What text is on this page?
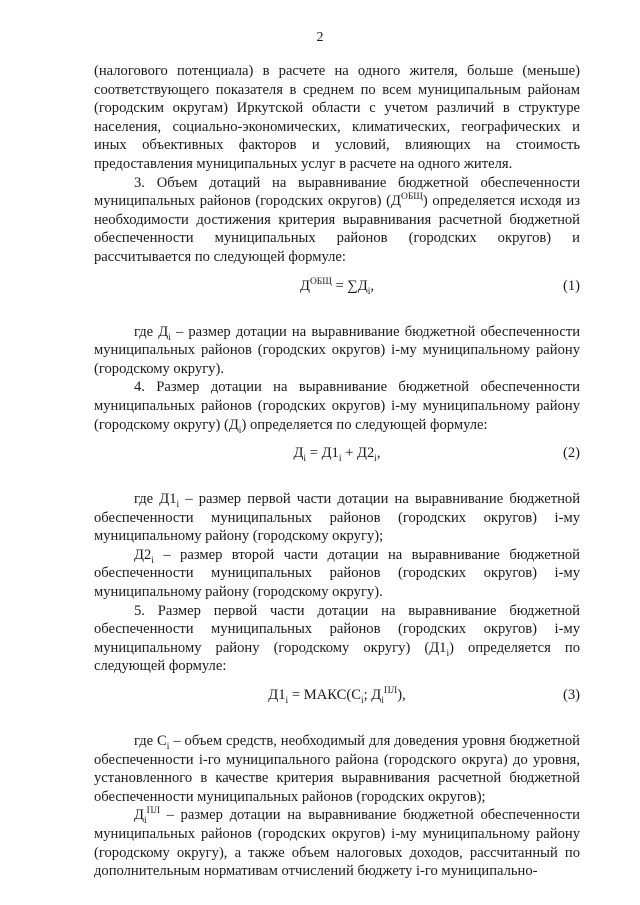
2

(налогового потенциала) в расчете на одного жителя, больше (меньше) соответствующего показателя в среднем по всем муниципальным районам (городским округам) Иркутской области с учетом различий в структуре населения, социально-экономических, климатических, географических и иных объективных факторов и условий, влияющих на стоимость предоставления муниципальных услуг в расчете на одного жителя.

3. Объем дотаций на выравнивание бюджетной обеспеченности муниципальных районов (городских округов) $(Д^{ОБЩ})$ определяется исходя из необходимости достижения критерия выравнивания расчетной бюджетной обеспеченности муниципальных районов (городских округов) и рассчитывается по следующей формуле:

$Д^{ОБЩ} = \sum Д_i$,	(1)

где $Д_i$ – размер дотации на выравнивание бюджетной обеспеченности муниципальных районов (городских округов) i-му муниципальному району (городскому округу).

4. Размер дотации на выравнивание бюджетной обеспеченности муниципальных районов (городских округов) i-му муниципальному району (городскому округу) $(Д_i)$ определяется по следующей формуле:

$Д_i = Д1_i + Д2_i$,	(2)

где $Д1_i$ – размер первой части дотации на выравнивание бюджетной обеспеченности муниципальных районов (городских округов) i-му муниципальному району (городскому округу);

$Д2_i$ – размер второй части дотации на выравнивание бюджетной обеспеченности муниципальных районов (городских округов) i-му муниципальному району (городскому округу).

5. Размер первой части дотации на выравнивание бюджетной обеспеченности муниципальных районов (городских округов) i-му муниципальному району (городскому округу) $(Д1_i)$ определяется по следующей формуле:

$Д1_i$ = $МАКС(С_i$; $Д_i^{ПЛ}$),	(3)

где $С_i$ – объем средств, необходимый для доведения уровня бюджетной обеспеченности i-го муниципального района (городского округа) до уровня, установленного в качестве критерия выравнивания расчетной бюджетной обеспеченности муниципальных районов (городских округов);

$Д_i^{ПЛ}$ – размер дотации на выравнивание бюджетной обеспеченности муниципальных районов (городских округов) i-му муниципальному району (городскому округу), а также объем налоговых доходов, рассчитанный по дополнительным нормативам отчислений бюджету i-го муниципально-
